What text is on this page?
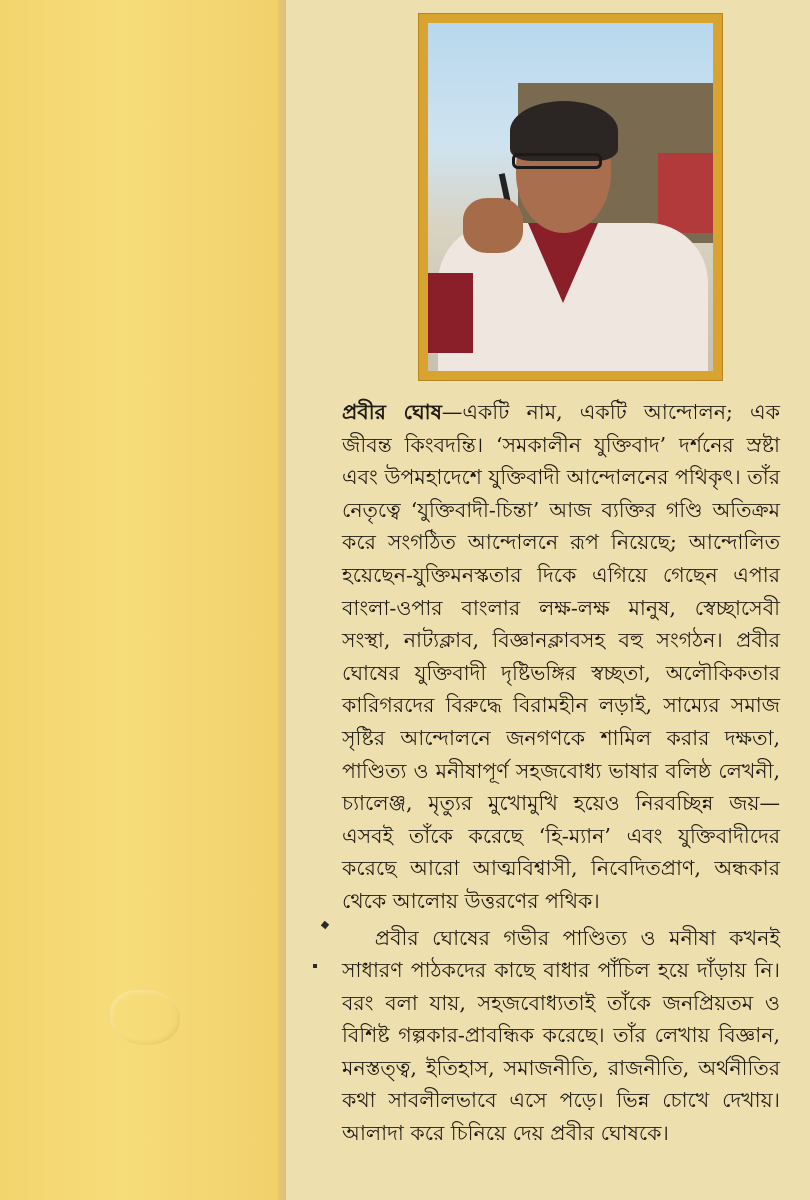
প্রবীর ঘোষ—একটি নাম, একটি আন্দোলন; এক জীবন্ত কিংবদন্তি। ‘সমকালীন যুক্তিবাদ’ দর্শনের স্রষ্টা এবং উপমহাদেশে যুক্তিবাদী আন্দোলনের পথিকৃৎ। তাঁর নেতৃত্বে ‘যুক্তিবাদী-চিন্তা’ আজ ব্যক্তির গণ্ডি অতিক্রম করে সংগঠিত আন্দোলনে রূপ নিয়েছে; আন্দোলিত হয়েছেন-যুক্তিমনস্কতার দিকে এগিয়ে গেছেন এপার বাংলা-ওপার বাংলার লক্ষ-লক্ষ মানুষ, স্বেচ্ছাসেবী সংস্থা, নাট্যক্লাব, বিজ্ঞানক্লাবসহ বহু সংগঠন। প্রবীর ঘোষের যুক্তিবাদী দৃষ্টিভঙ্গির স্বচ্ছতা, অলৌকিকতার কারিগরদের বিরুদ্ধে বিরামহীন লড়াই, সাম্যের সমাজ সৃষ্টির আন্দোলনে জনগণকে শামিল করার দক্ষতা, পাণ্ডিত্য ও মনীষাপূর্ণ সহজবোধ্য ভাষার বলিষ্ঠ লেখনী, চ্যালেঞ্জ, মৃত্যুর মুখোমুখি হয়েও নিরবচ্ছিন্ন জয়—এসবই তাঁকে করেছে ‘হি-ম্যান’ এবং যুক্তিবাদীদের করেছে আরো আত্মবিশ্বাসী, নিবেদিতপ্রাণ, অন্ধকার থেকে আলোয় উত্তরণের পথিক।

প্রবীর ঘোষের গভীর পাণ্ডিত্য ও মনীষা কখনই সাধারণ পাঠকদের কাছে বাধার পাঁচিল হয়ে দাঁড়ায় নি। বরং বলা যায়, সহজবোধ্যতাই তাঁকে জনপ্রিয়তম ও বিশিষ্ট গল্পকার-প্রাবন্ধিক করেছে। তাঁর লেখায় বিজ্ঞান, মনস্তত্ত্ব, ইতিহাস, সমাজনীতি, রাজনীতি, অর্থনীতির কথা সাবলীলভাবে এসে পড়ে। ভিন্ন চোখে দেখায়। আলাদা করে চিনিয়ে দেয় প্রবীর ঘোষকে।
